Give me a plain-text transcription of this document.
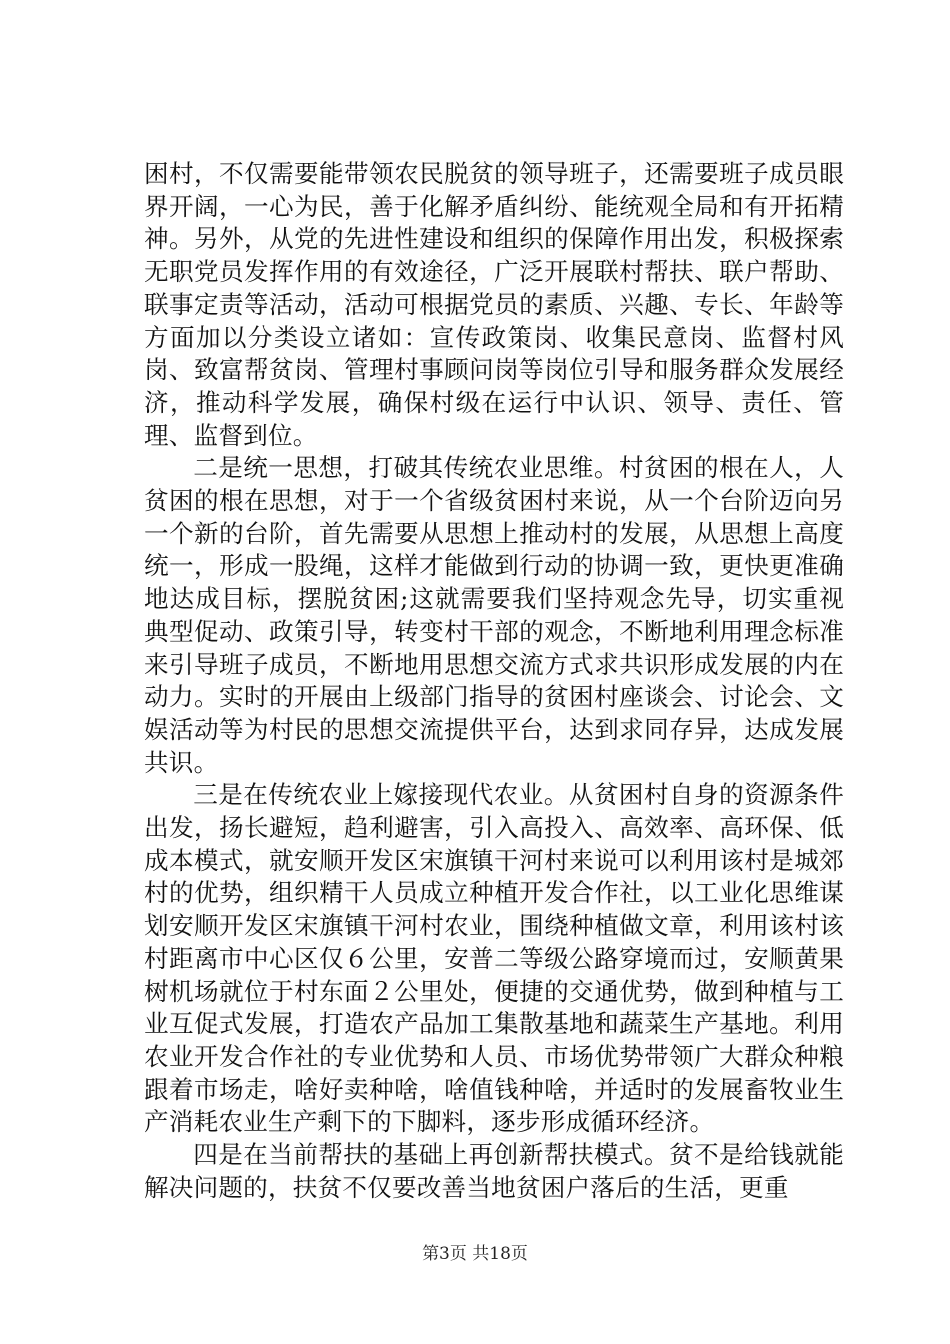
困村，不仅需要能带领农民脱贫的领导班子，还需要班子成员眼界开阔，一心为民，善于化解矛盾纠纷、能统观全局和有开拓精神。另外，从党的先进性建设和组织的保障作用出发，积极探索无职党员发挥作用的有效途径，广泛开展联村帮扶、联户帮助、联事定责等活动，活动可根据党员的素质、兴趣、专长、年龄等方面加以分类设立诸如：宣传政策岗、收集民意岗、监督村风岗、致富帮贫岗、管理村事顾问岗等岗位引导和服务群众发展经济，推动科学发展，确保村级在运行中认识、领导、责任、管理、监督到位。

二是统一思想，打破其传统农业思维。村贫困的根在人，人贫困的根在思想，对于一个省级贫困村来说，从一个台阶迈向另一个新的台阶，首先需要从思想上推动村的发展，从思想上高度统一，形成一股绳，这样才能做到行动的协调一致，更快更准确地达成目标，摆脱贫困;这就需要我们坚持观念先导，切实重视典型促动、政策引导，转变村干部的观念，不断地利用理念标准来引导班子成员，不断地用思想交流方式求共识形成发展的内在动力。实时的开展由上级部门指导的贫困村座谈会、讨论会、文娱活动等为村民的思想交流提供平台，达到求同存异，达成发展共识。

三是在传统农业上嫁接现代农业。从贫困村自身的资源条件出发，扬长避短，趋利避害，引入高投入、高效率、高环保、低成本模式，就安顺开发区宋旗镇干河村来说可以利用该村是城郊村的优势，组织精干人员成立种植开发合作社，以工业化思维谋划安顺开发区宋旗镇干河村农业，围绕种植做文章，利用该村该村距离市中心区仅６公里，安普二等级公路穿境而过，安顺黄果树机场就位于村东面２公里处，便捷的交通优势，做到种植与工业互促式发展，打造农产品加工集散基地和蔬菜生产基地。利用农业开发合作社的专业优势和人员、市场优势带领广大群众种粮跟着市场走，啥好卖种啥，啥值钱种啥，并适时的发展畜牧业生产消耗农业生产剩下的下脚料，逐步形成循环经济。

四是在当前帮扶的基础上再创新帮扶模式。贫不是给钱就能解决问题的，扶贫不仅要改善当地贫困户落后的生活，更重

第3页 共18页
